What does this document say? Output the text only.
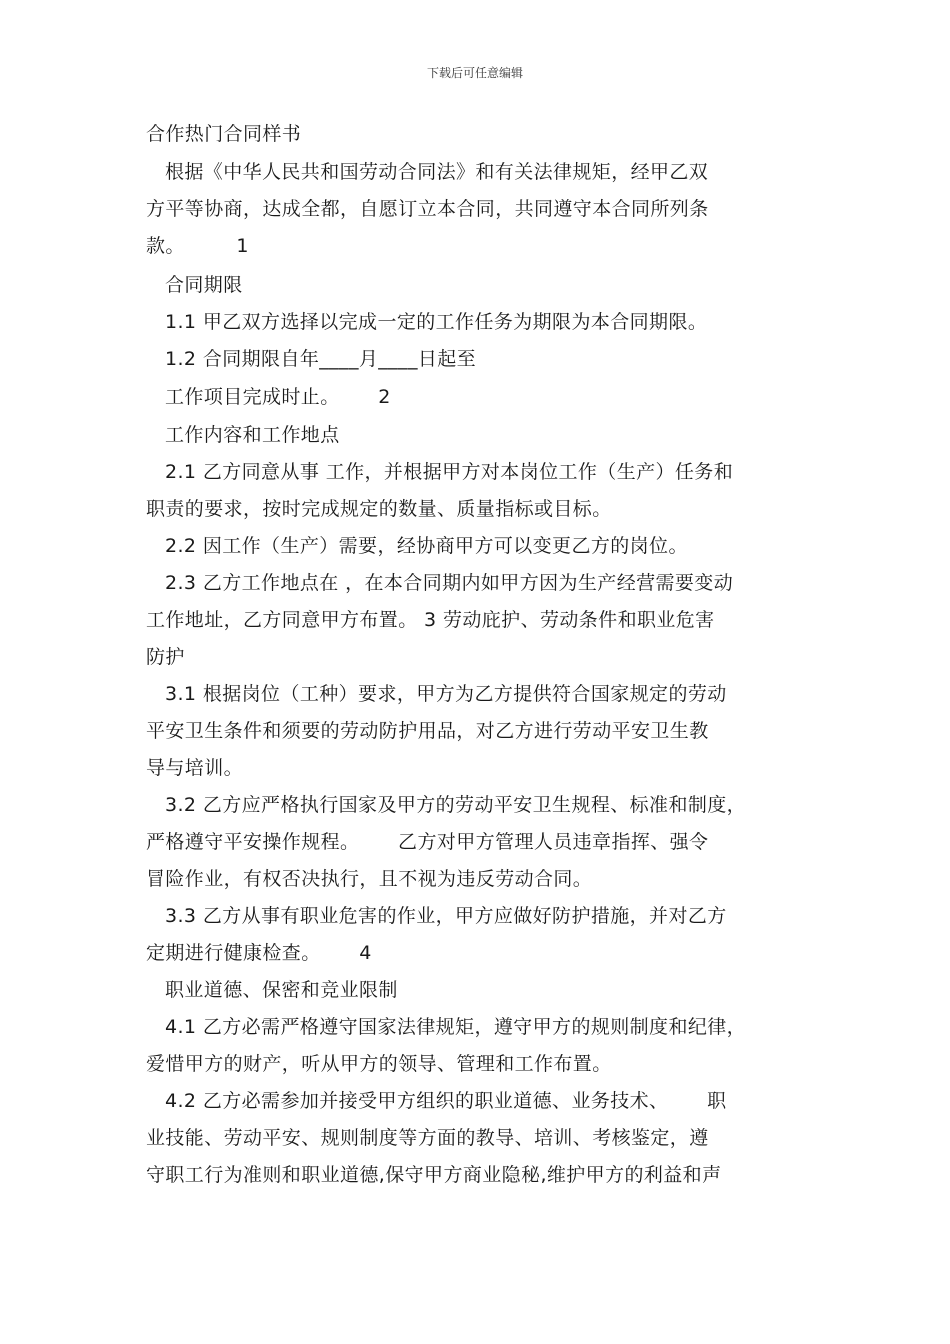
下载后可任意编辑
合作热门合同样书
根据《中华人民共和国劳动合同法》和有关法律规矩，经甲乙双
方平等协商，达成全都，自愿订立本合同，共同遵守本合同所列条
款。        1
合同期限
1.1 甲乙双方选择以完成一定的工作任务为期限为本合同期限。
1.2 合同期限自年____月____日起至
工作项目完成时止。      2
工作内容和工作地点
2.1 乙方同意从事 工作，并根据甲方对本岗位工作（生产）任务和
职责的要求，按时完成规定的数量、质量指标或目标。
2.2 因工作（生产）需要，经协商甲方可以变更乙方的岗位。
2.3 乙方工作地点在 ，在本合同期内如甲方因为生产经营需要变动
工作地址，乙方同意甲方布置。 3 劳动庇护、劳动条件和职业危害
防护
3.1 根据岗位（工种）要求，甲方为乙方提供符合国家规定的劳动
平安卫生条件和须要的劳动防护用品，对乙方进行劳动平安卫生教
导与培训。
3.2 乙方应严格执行国家及甲方的劳动平安卫生规程、标准和制度，
严格遵守平安操作规程。      乙方对甲方管理人员违章指挥、强令
冒险作业，有权否决执行，且不视为违反劳动合同。
3.3 乙方从事有职业危害的作业，甲方应做好防护措施，并对乙方
定期进行健康检查。      4
职业道德、保密和竞业限制
4.1 乙方必需严格遵守国家法律规矩，遵守甲方的规则制度和纪律，
爱惜甲方的财产，听从甲方的领导、管理和工作布置。
4.2 乙方必需参加并接受甲方组织的职业道德、业务技术、      职
业技能、劳动平安、规则制度等方面的教导、培训、考核鉴定，遵
守职工行为准则和职业道德,保守甲方商业隐秘,维护甲方的利益和声
